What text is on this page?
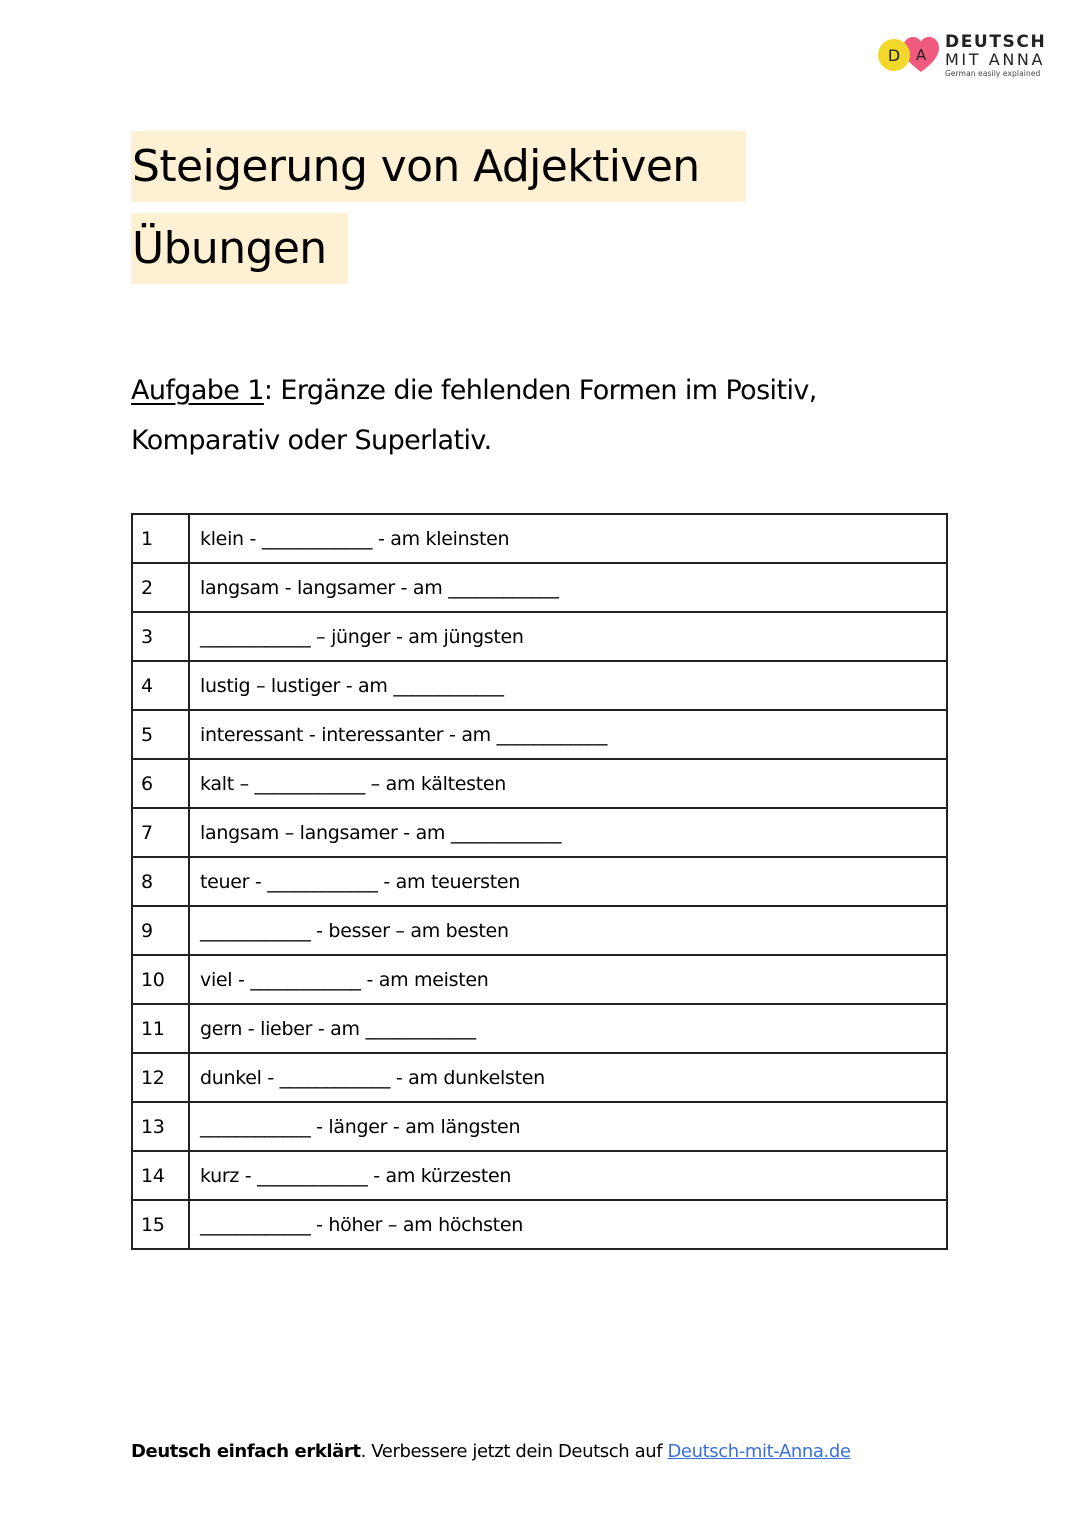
D A
DEUTSCH
MIT ANNA
German easily explained
Steigerung von Adjektiven
Übungen
Aufgabe 1: Ergänze die fehlenden Formen im Positiv, Komparativ oder Superlativ.
1	klein - ____________ - am kleinsten
2	langsam - langsamer - am ____________
3	____________ – jünger - am jüngsten
4	lustig – lustiger - am ____________
5	interessant - interessanter - am ____________
6	kalt – ____________ – am kältesten
7	langsam – langsamer - am ____________
8	teuer - ____________ - am teuersten
9	____________ - besser – am besten
10	viel - ____________ - am meisten
11	gern - lieber - am ____________
12	dunkel - ____________ - am dunkelsten
13	____________ - länger - am längsten
14	kurz - ____________ - am kürzesten
15	____________ - höher – am höchsten
Deutsch einfach erklärt. Verbessere jetzt dein Deutsch auf Deutsch-mit-Anna.de
